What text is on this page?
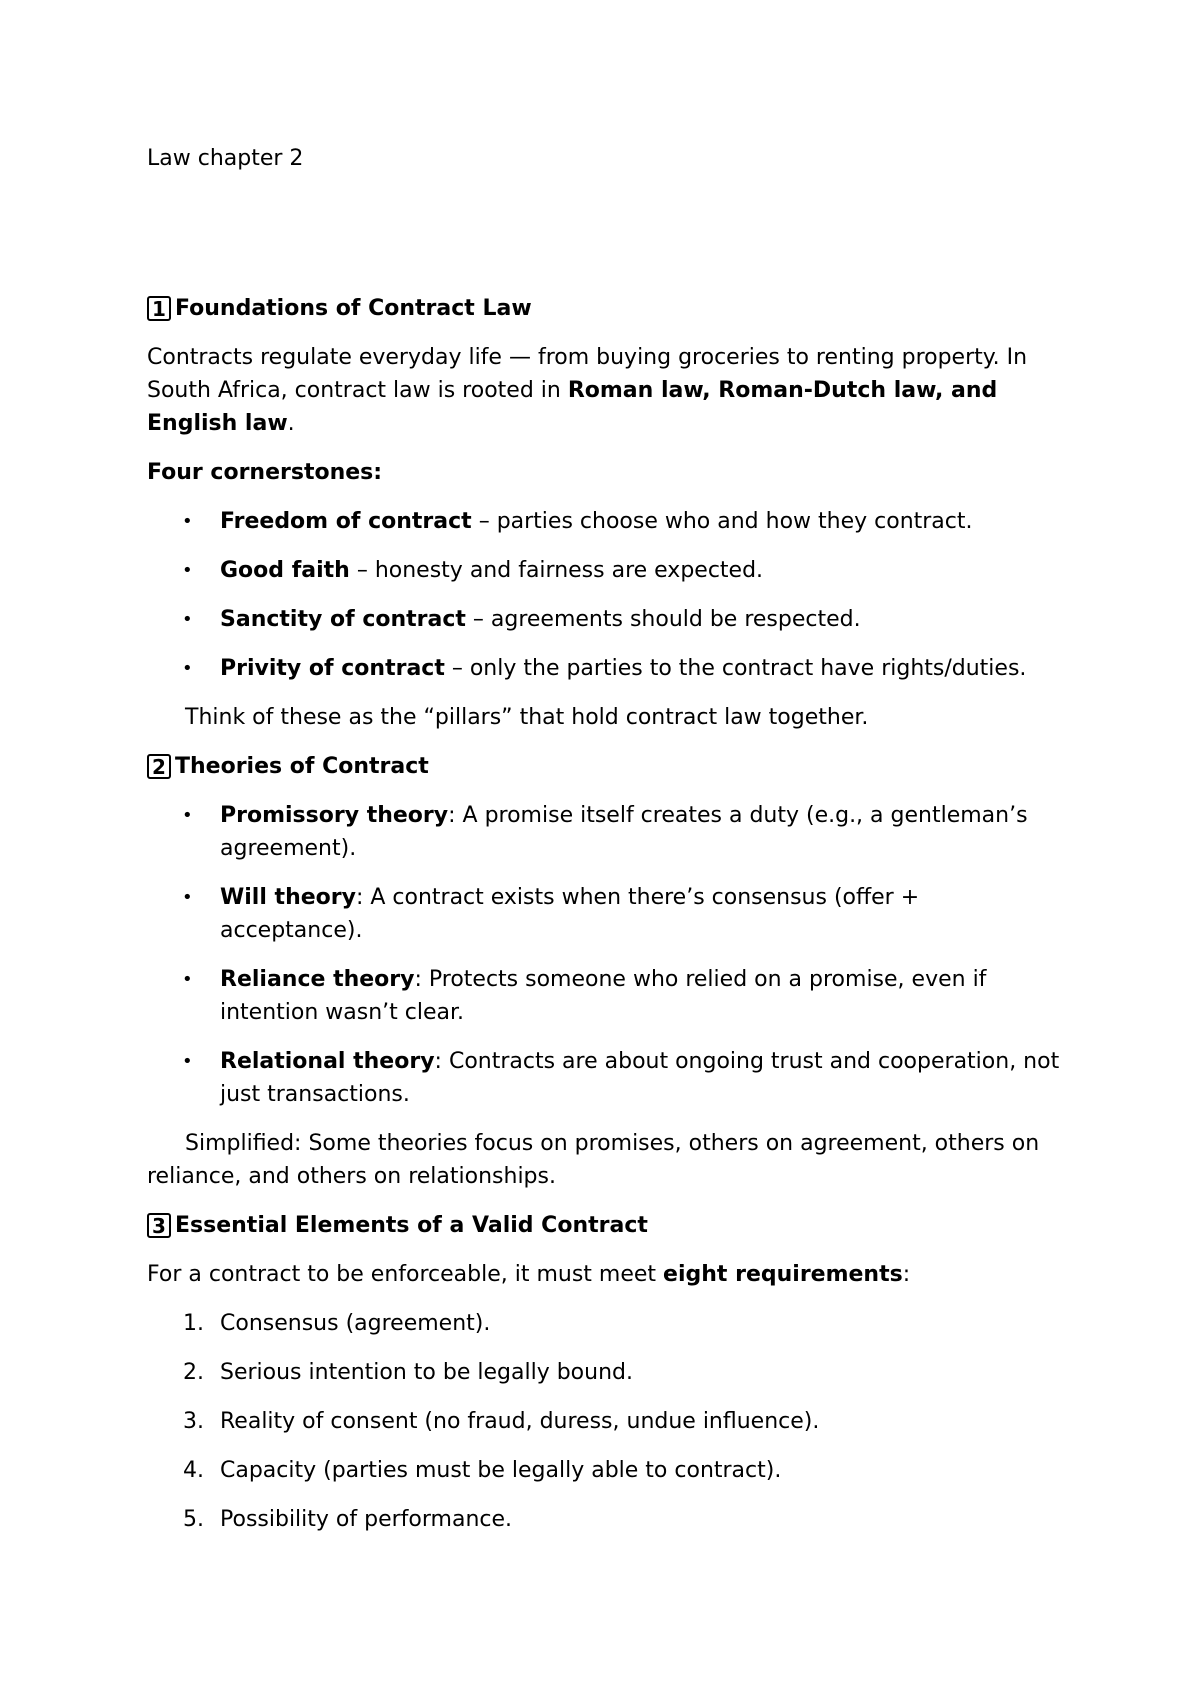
Law chapter 2
1 Foundations of Contract Law

Contracts regulate everyday life — from buying groceries to renting property. In South Africa, contract law is rooted in Roman law, Roman-Dutch law, and English law.

Four cornerstones:

• Freedom of contract – parties choose who and how they contract.
• Good faith – honesty and fairness are expected.
• Sanctity of contract – agreements should be respected.
• Privity of contract – only the parties to the contract have rights/duties.

Think of these as the “pillars” that hold contract law together.

2 Theories of Contract
• Promissory theory: A promise itself creates a duty (e.g., a gentleman’s agreement).
• Will theory: A contract exists when there’s consensus (offer + acceptance).
• Reliance theory: Protects someone who relied on a promise, even if intention wasn’t clear.
• Relational theory: Contracts are about ongoing trust and cooperation, not just transactions.

Simplified: Some theories focus on promises, others on agreement, others on reliance, and others on relationships.

3 Essential Elements of a Valid Contract

For a contract to be enforceable, it must meet eight requirements:

1. Consensus (agreement).
2. Serious intention to be legally bound.
3. Reality of consent (no fraud, duress, undue influence).
4. Capacity (parties must be legally able to contract).
5. Possibility of performance.
